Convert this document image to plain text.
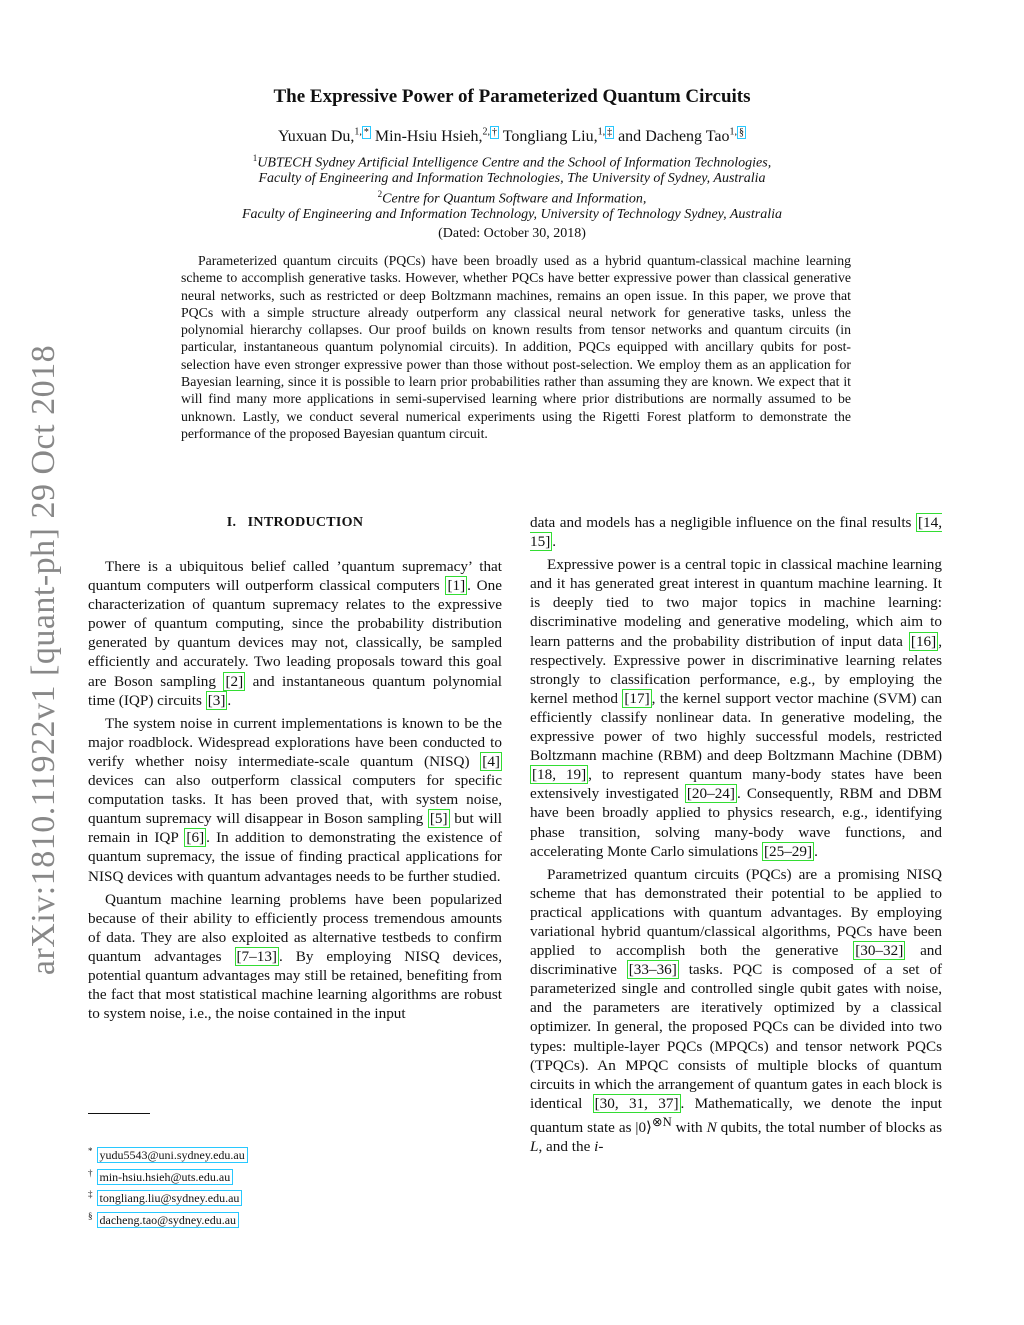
arXiv:1810.11922v1 [quant-ph] 29 Oct 2018
The Expressive Power of Parameterized Quantum Circuits
Yuxuan Du,$^{1, *}$ Min-Hsiu Hsieh,$^{2, \dagger}$ Tongliang Liu,$^{1, \ddagger}$ and Dacheng Tao$^{1, \S}$
$^1$UBTECH Sydney Artificial Intelligence Centre and the School of Information Technologies,
Faculty of Engineering and Information Technologies, The University of Sydney, Australia
$^2$Centre for Quantum Software and Information,
Faculty of Engineering and Information Technology, University of Technology Sydney, Australia
(Dated: October 30, 2018)
Parameterized quantum circuits (PQCs) have been broadly used as a hybrid quantum-classical machine learning scheme to accomplish generative tasks. However, whether PQCs have better expressive power than classical generative neural networks, such as restricted or deep Boltzmann machines, remains an open issue. In this paper, we prove that PQCs with a simple structure already outperform any classical neural network for generative tasks, unless the polynomial hierarchy collapses. Our proof builds on known results from tensor networks and quantum circuits (in particular, instantaneous quantum polynomial circuits). In addition, PQCs equipped with ancillary qubits for post-selection have even stronger expressive power than those without post-selection. We employ them as an application for Bayesian learning, since it is possible to learn prior probabilities rather than assuming they are known. We expect that it will find many more applications in semi-supervised learning where prior distributions are normally assumed to be unknown. Lastly, we conduct several numerical experiments using the Rigetti Forest platform to demonstrate the performance of the proposed Bayesian quantum circuit.
I. INTRODUCTION

There is a ubiquitous belief called ’quantum supremacy’ that quantum computers will outperform classical computers [1] . One characterization of quantum supremacy relates to the expressive power of quantum computing, since the probability distribution generated by quantum devices may not, classically, be sampled efficiently and accurately. Two leading proposals toward this goal are Boson sampling [2] and instantaneous quantum polynomial time (IQP) circuits [3] .

The system noise in current implementations is known to be the major roadblock. Widespread explorations have been conducted to verify whether noisy intermediate-scale quantum (NISQ) [4] devices can also outperform classical computers for specific computation tasks. It has been proved that, with system noise, quantum supremacy will disappear in Boson sampling [5] but will remain in IQP [6] . In addition to demonstrating the existence of quantum supremacy, the issue of finding practical applications for NISQ devices with quantum advantages needs to be further studied.

Quantum machine learning problems have been popularized because of their ability to efficiently process tremendous amounts of data. They are also exploited as alternative testbeds to confirm quantum advantages [7–13] . By employing NISQ devices, potential quantum advantages may still be retained, benefiting from the fact that most statistical machine learning algorithms are robust to system noise, i.e., the noise contained in the input

data and models has a negligible influence on the final results [14, 15] .

Expressive power is a central topic in classical machine learning and it has generated great interest in quantum machine learning. It is deeply tied to two major topics in machine learning: discriminative modeling and generative modeling, which aim to learn patterns and the probability distribution of input data [16] , respectively. Expressive power in discriminative learning relates strongly to classification performance, e.g., by employing the kernel method [17] , the kernel support vector machine (SVM) can efficiently classify nonlinear data. In generative modeling, the expressive power of two highly successful models, restricted Boltzmann machine (RBM) and deep Boltzmann Machine (DBM) [18, 19] , to represent quantum many-body states have been extensively investigated [20–24] . Consequently, RBM and DBM have been broadly applied to physics research, e.g., identifying phase transition, solving many-body wave functions, and accelerating Monte Carlo simulations [25–29] .

Parametrized quantum circuits (PQCs) are a promising NISQ scheme that has demonstrated their potential to be applied to practical applications with quantum advantages. By employing variational hybrid quantum/classical algorithms, PQCs have been applied to accomplish both the generative [30–32] and discriminative [33–36] tasks. PQC is composed of a set of parameterized single and controlled single qubit gates with noise, and the parameters are iteratively optimized by a classical optimizer. In general, the proposed PQCs can be divided into two types: multiple-layer PQCs (MPQCs) and tensor network PQCs (TPQCs). An MPQC consists of multiple blocks of quantum circuits in which the arrangement of quantum gates in each block is identical [30, 31, 37] . Mathematically, we denote the input quantum state as |0⟩$^{\otimes N}$ with N qubits, the total number of blocks as L, and the i-

* yudu5543@uni.sydney.edu.au
† min-hsiu.hsieh@uts.edu.au
‡ tongliang.liu@sydney.edu.au
§ dacheng.tao@sydney.edu.au
